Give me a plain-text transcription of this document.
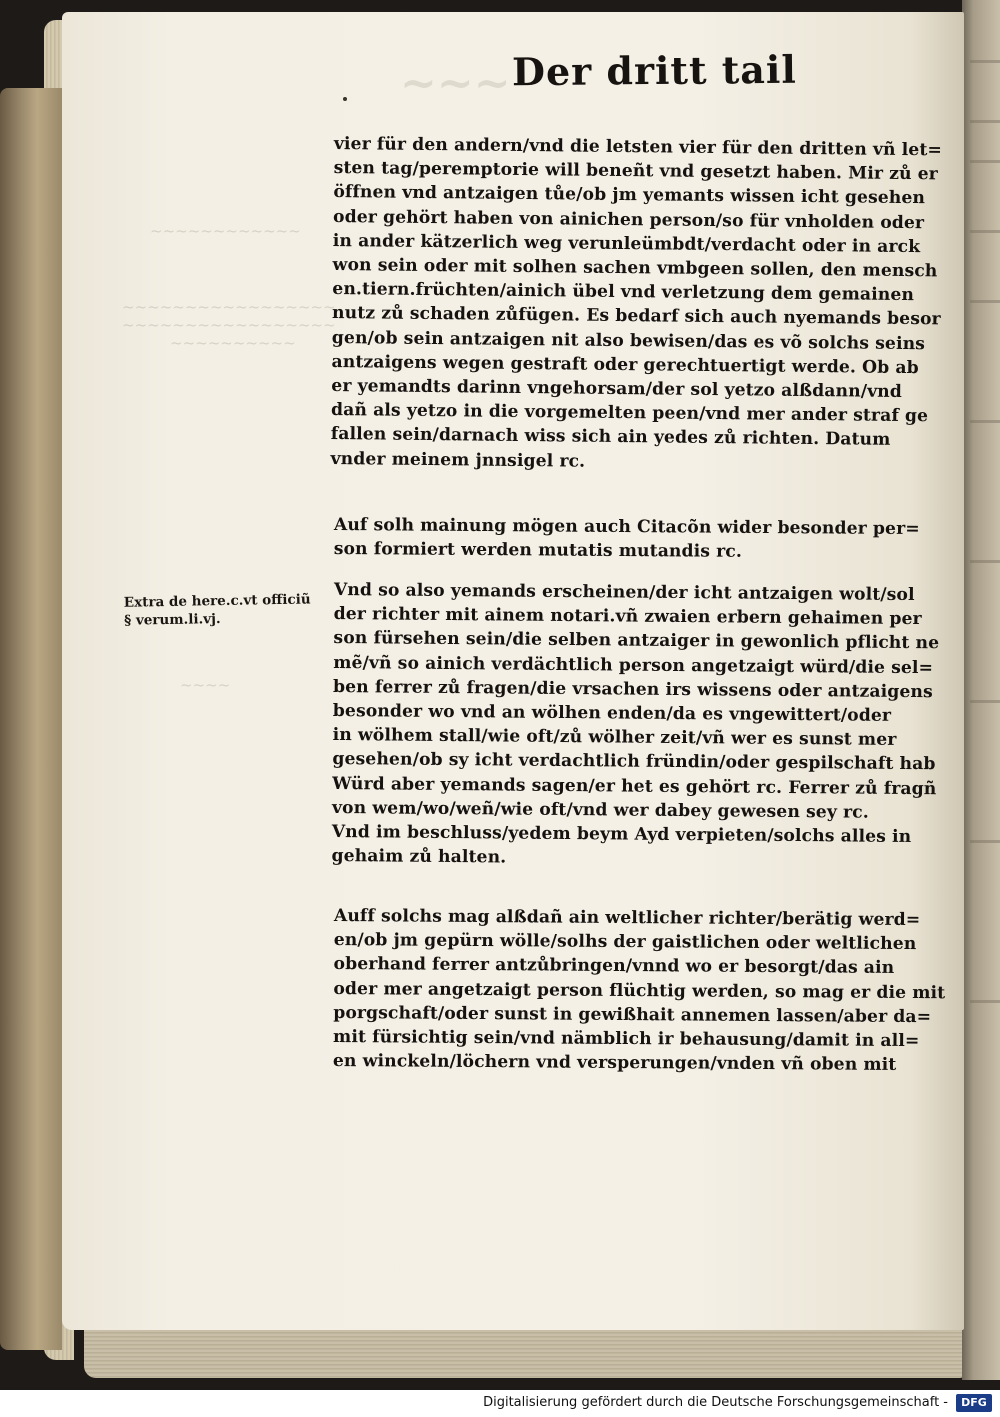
~~~~~~~~~~~~
~~~~~~~~~~~~~~~~~
~~~~~~~~~~~~~~~~~
~~~~~~~~~~
~~~~
~~~ Der dritt tail
Extra de here.c.vt officiũ
§ verum.li.vj.
vier für den andern/vnd die letsten vier für den dritten vñ let=
sten tag/peremptorie will beneñt vnd gesetzt haben. Mir zů er
öffnen vnd antzaigen tůe/ob jm yemants wissen icht gesehen
oder gehört haben von ainichen person/so für vnholden oder
in ander kätzerlich weg verunleümbdt/verdacht oder in arck
won sein oder mit solhen sachen vmbgeen sollen, den mensch
en.tiern.früchten/ainich übel vnd verletzung dem gemainen
nutz zů schaden zůfügen. Es bedarf sich auch nyemands besor
gen/ob sein antzaigen nit also bewisen/das es võ solchs seins
antzaigens wegen gestraft oder gerechtuertigt werde. Ob ab
er yemandts darinn vngehorsam/der sol yetzo alßdann/vnd
dañ als yetzo in die vorgemelten peen/vnd mer ander straf ge
fallen sein/darnach wiss sich ain yedes zů richten. Datum
vnder meinem jnnsigel rc.
Auf solh mainung mögen auch Citacõn wider besonder per=
son formiert werden mutatis mutandis rc.
Vnd so also yemands erscheinen/der icht antzaigen wolt/sol
der richter mit ainem notari.vñ zwaien erbern gehaimen per
son fürsehen sein/die selben antzaiger in gewonlich pflicht ne
mẽ/vñ so ainich verdächtlich person angetzaigt würd/die sel=
ben ferrer zů fragen/die vrsachen irs wissens oder antzaigens
besonder wo vnd an wölhen enden/da es vngewittert/oder
in wölhem stall/wie oft/zů wölher zeit/vñ wer es sunst mer
gesehen/ob sy icht verdachtlich fründin/oder gespilschaft hab
Würd aber yemands sagen/er het es gehört rc. Ferrer zů fragñ
von wem/wo/weñ/wie oft/vnd wer dabey gewesen sey rc.
Vnd im beschluss/yedem beym Ayd verpieten/solchs alles in
gehaim zů halten.
Auff solchs mag alßdañ ain weltlicher richter/berätig werd=
en/ob jm gepürn wölle/solhs der gaistlichen oder weltlichen
oberhand ferrer antzůbringen/vnnd wo er besorgt/das ain
oder mer angetzaigt person flüchtig werden, so mag er die mit
porgschaft/oder sunst in gewißhait annemen lassen/aber da=
mit fürsichtig sein/vnd nämblich ir behausung/damit in all=
en winckeln/löchern vnd versperungen/vnden vñ oben mit
Digitalisierung gefördert durch die Deutsche Forschungsgemeinschaft -	DFG
